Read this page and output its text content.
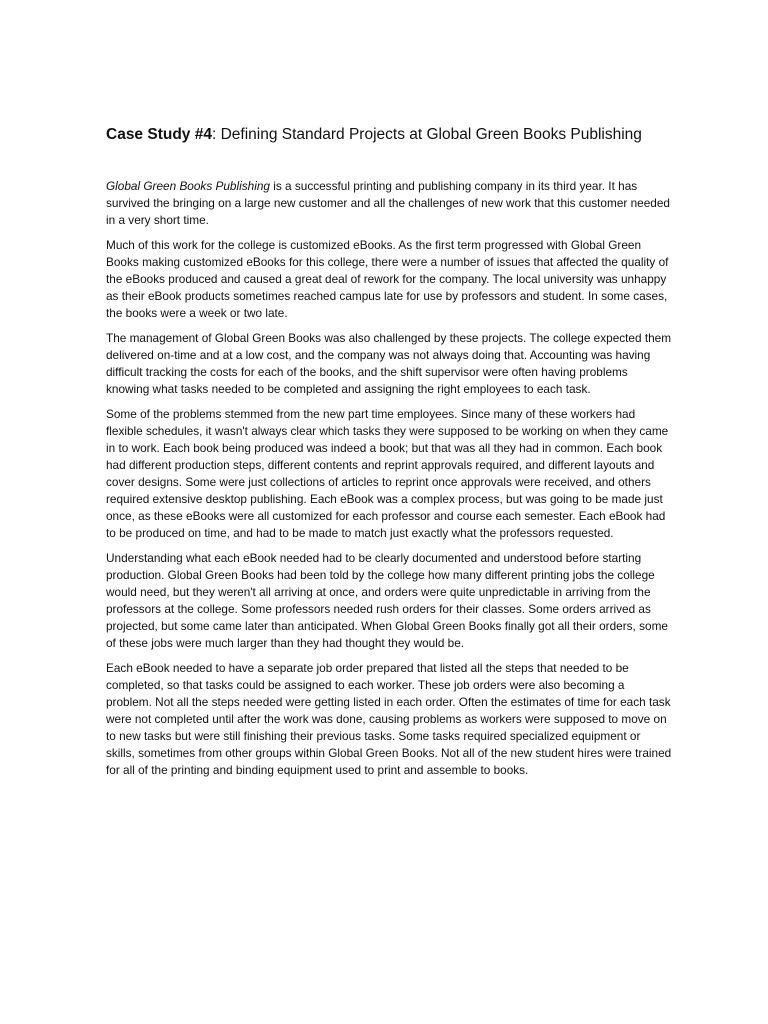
Case Study #4: Defining Standard Projects at Global Green Books Publishing

Global Green Books Publishing is a successful printing and publishing company in its third year. It has survived the bringing on a large new customer and all the challenges of new work that this customer needed in a very short time.

Much of this work for the college is customized eBooks. As the first term progressed with Global Green Books making customized eBooks for this college, there were a number of issues that affected the quality of the eBooks produced and caused a great deal of rework for the company. The local university was unhappy as their eBook products sometimes reached campus late for use by professors and student. In some cases, the books were a week or two late.

The management of Global Green Books was also challenged by these projects. The college expected them delivered on-time and at a low cost, and the company was not always doing that. Accounting was having difficult tracking the costs for each of the books, and the shift supervisor were often having problems knowing what tasks needed to be completed and assigning the right employees to each task.

Some of the problems stemmed from the new part time employees. Since many of these workers had flexible schedules, it wasn't always clear which tasks they were supposed to be working on when they came in to work. Each book being produced was indeed a book; but that was all they had in common. Each book had different production steps, different contents and reprint approvals required, and different layouts and cover designs. Some were just collections of articles to reprint once approvals were received, and others required extensive desktop publishing. Each eBook was a complex process, but was going to be made just once, as these eBooks were all customized for each professor and course each semester. Each eBook had to be produced on time, and had to be made to match just exactly what the professors requested.

Understanding what each eBook needed had to be clearly documented and understood before starting production. Global Green Books had been told by the college how many different printing jobs the college would need, but they weren't all arriving at once, and orders were quite unpredictable in arriving from the professors at the college. Some professors needed rush orders for their classes. Some orders arrived as projected, but some came later than anticipated. When Global Green Books finally got all their orders, some of these jobs were much larger than they had thought they would be.

Each eBook needed to have a separate job order prepared that listed all the steps that needed to be completed, so that tasks could be assigned to each worker. These job orders were also becoming a problem. Not all the steps needed were getting listed in each order. Often the estimates of time for each task were not completed until after the work was done, causing problems as workers were supposed to move on to new tasks but were still finishing their previous tasks. Some tasks required specialized equipment or skills, sometimes from other groups within Global Green Books. Not all of the new student hires were trained for all of the printing and binding equipment used to print and assemble to books.
